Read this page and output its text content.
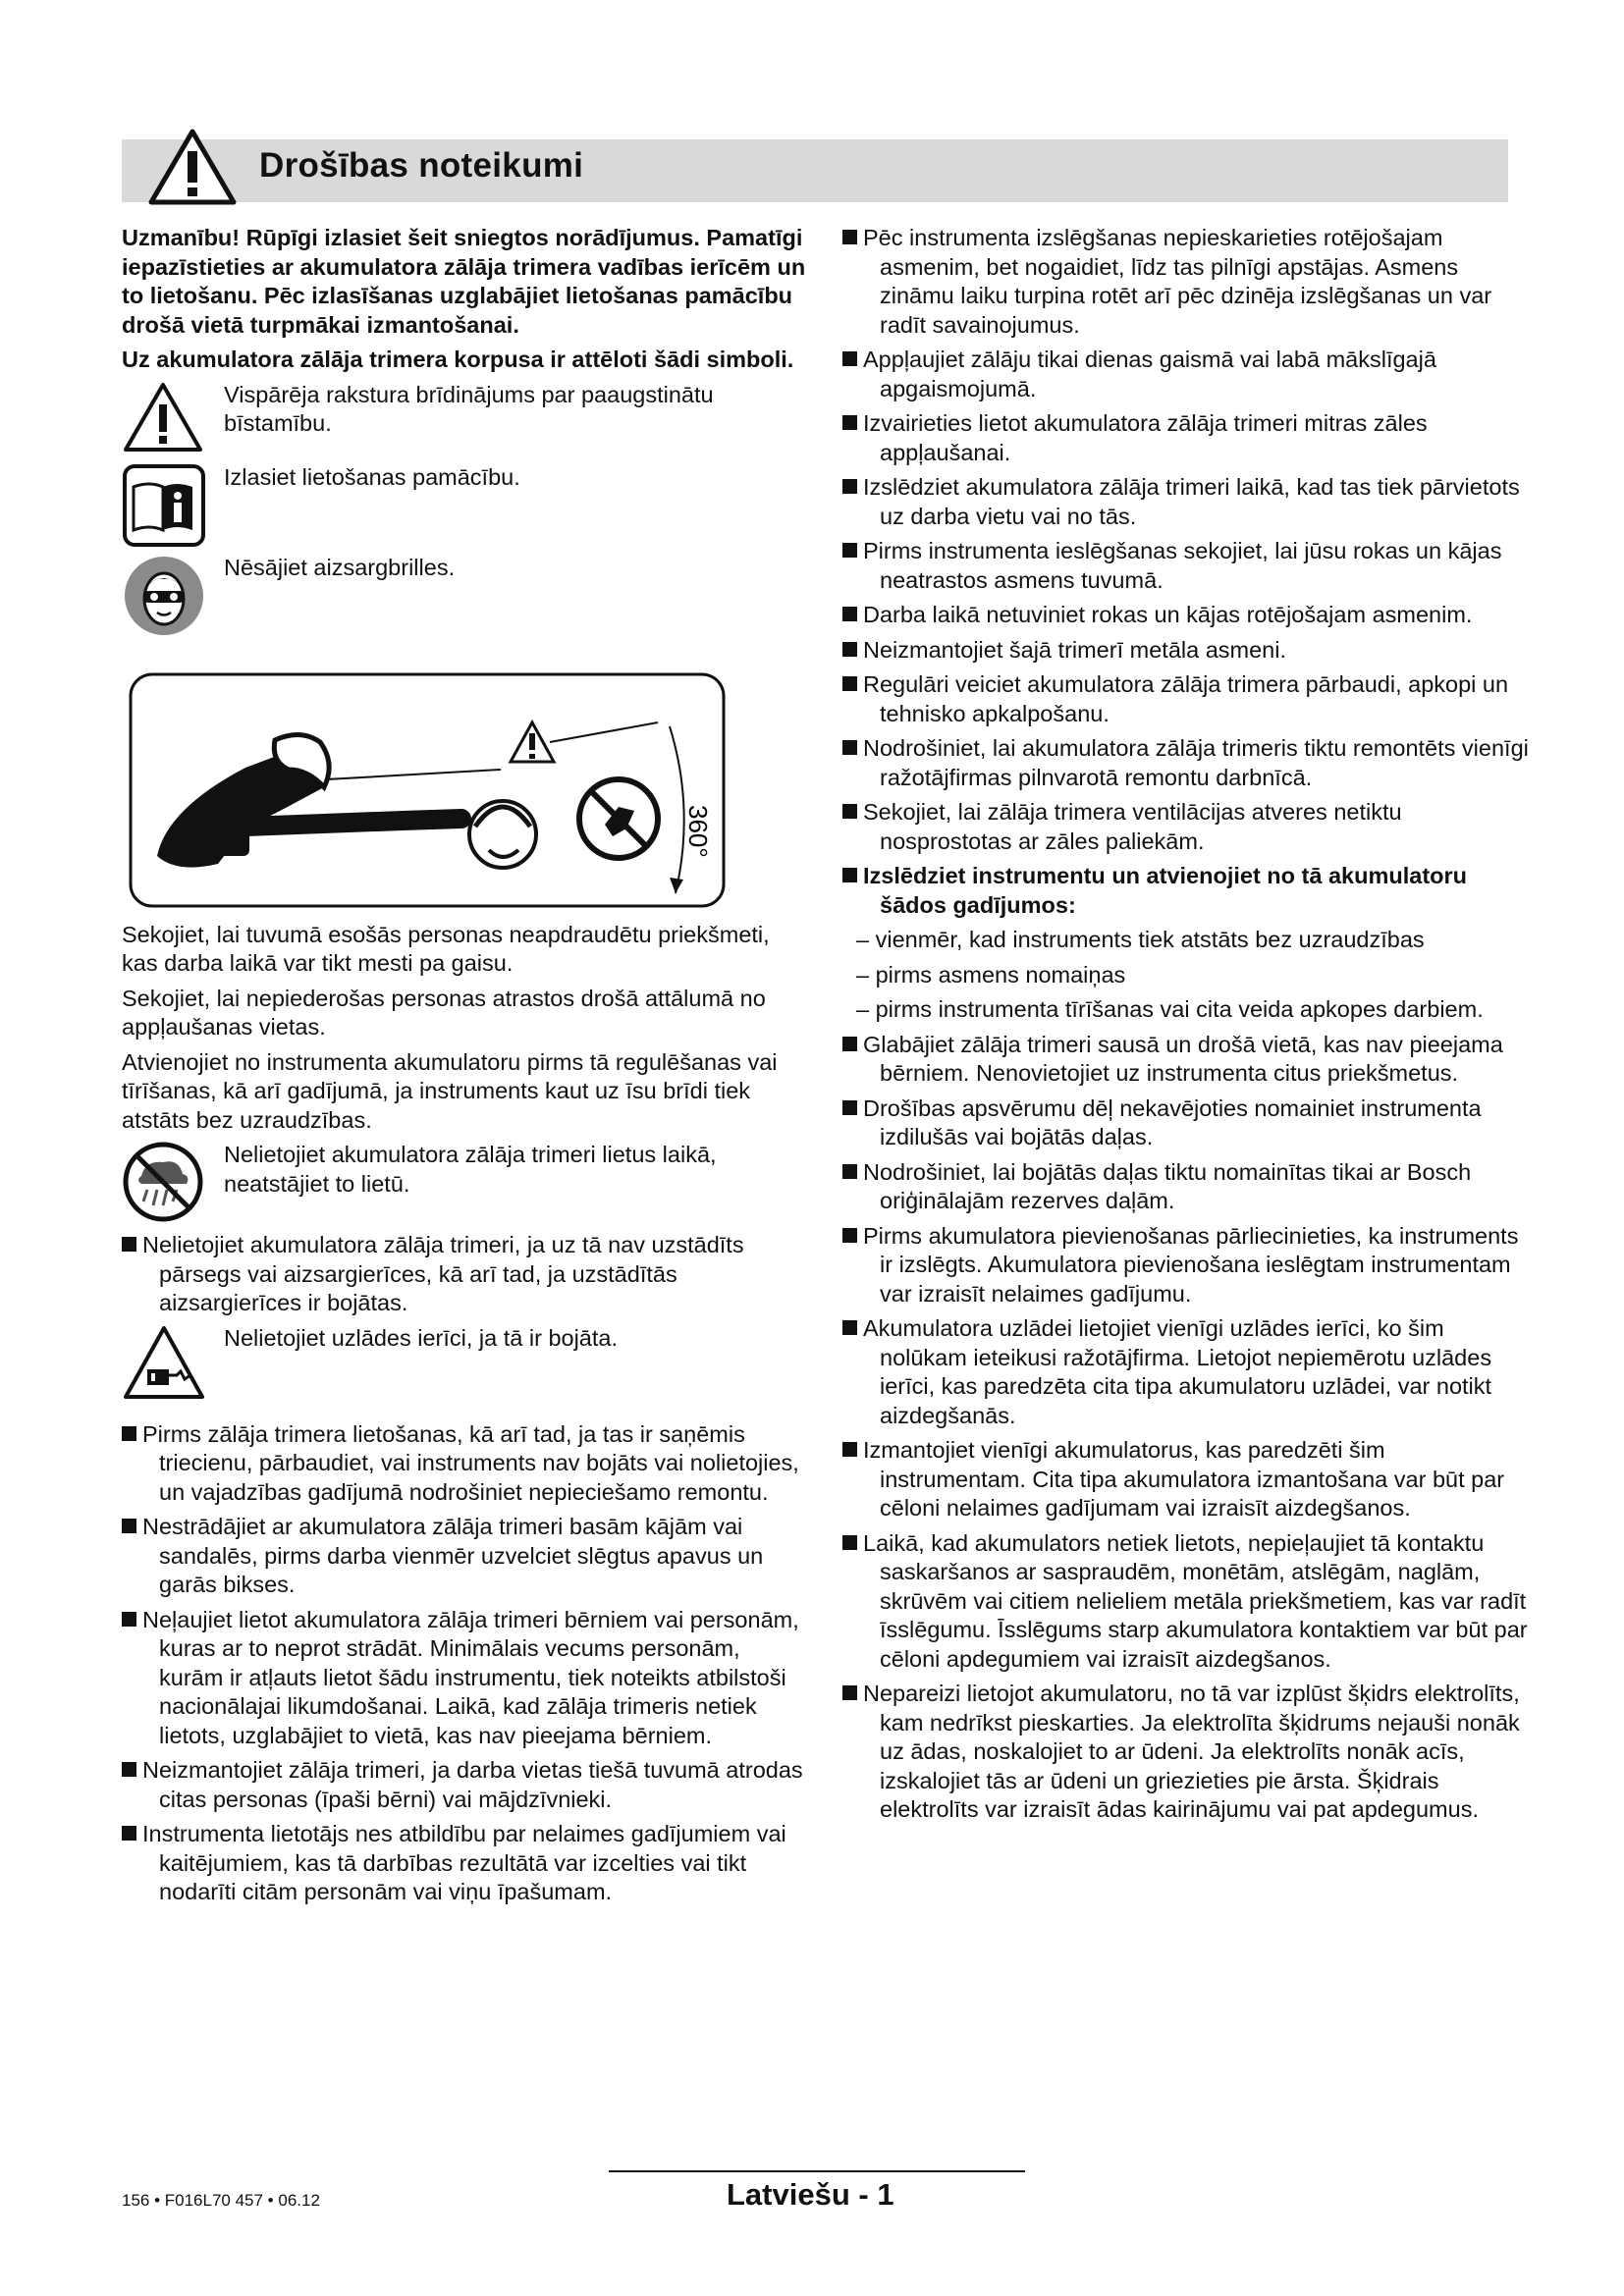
Drošības noteikumi

Uzmanību! Rūpīgi izlasiet šeit sniegtos norādījumus. Pamatīgi iepazīstieties ar akumulatora zālāja trimera vadības ierīcēm un to lietošanu. Pēc izlasīšanas uzglabājiet lietošanas pamācību drošā vietā turpmākai izmantošanai.

Uz akumulatora zālāja trimera korpusa ir attēloti šādi simboli.

Vispārēja rakstura brīdinājums par paaugstinātu bīstamību.
Izlasiet lietošanas pamācību.
Nēsājiet aizsargbrilles.
360°

Sekojiet, lai tuvumā esošās personas neapdraudētu priekšmeti, kas darba laikā var tikt mesti pa gaisu.

Sekojiet, lai nepiederošas personas atrastos drošā attālumā no appļaušanas vietas.

Atvienojiet no instrumenta akumulatoru pirms tā regulēšanas vai tīrīšanas, kā arī gadījumā, ja instruments kaut uz īsu brīdi tiek atstāts bez uzraudzības.

Nelietojiet akumulatora zālāja trimeri lietus laikā, neatstājiet to lietū.
Nelietojiet akumulatora zālāja trimeri, ja uz tā nav uzstādīts pārsegs vai aizsargierīces, kā arī tad, ja uzstādītās aizsargierīces ir bojātas.
Nelietojiet uzlādes ierīci, ja tā ir bojāta.
Pirms zālāja trimera lietošanas, kā arī tad, ja tas ir saņēmis triecienu, pārbaudiet, vai instruments nav bojāts vai nolietojies, un vajadzības gadījumā nodrošiniet nepieciešamo remontu.
Nestrādājiet ar akumulatora zālāja trimeri basām kājām vai sandalēs, pirms darba vienmēr uzvelciet slēgtus apavus un garās bikses.
Neļaujiet lietot akumulatora zālāja trimeri bērniem vai personām, kuras ar to neprot strādāt. Minimālais vecums personām, kurām ir atļauts lietot šādu instrumentu, tiek noteikts atbilstoši nacionālajai likumdošanai. Laikā, kad zālāja trimeris netiek lietots, uzglabājiet to vietā, kas nav pieejama bērniem.
Neizmantojiet zālāja trimeri, ja darba vietas tiešā tuvumā atrodas citas personas (īpaši bērni) vai mājdzīvnieki.
Instrumenta lietotājs nes atbildību par nelaimes gadījumiem vai kaitējumiem, kas tā darbības rezultātā var izcelties vai tikt nodarīti citām personām vai viņu īpašumam.
Pēc instrumenta izslēgšanas nepieskarieties rotējošajam asmenim, bet nogaidiet, līdz tas pilnīgi apstājas. Asmens zināmu laiku turpina rotēt arī pēc dzinēja izslēgšanas un var radīt savainojumus.
Appļaujiet zālāju tikai dienas gaismā vai labā mākslīgajā apgaismojumā.
Izvairieties lietot akumulatora zālāja trimeri mitras zāles appļaušanai.
Izslēdziet akumulatora zālāja trimeri laikā, kad tas tiek pārvietots uz darba vietu vai no tās.
Pirms instrumenta ieslēgšanas sekojiet, lai jūsu rokas un kājas neatrastos asmens tuvumā.
Darba laikā netuviniet rokas un kājas rotējošajam asmenim.
Neizmantojiet šajā trimerī metāla asmeni.
Regulāri veiciet akumulatora zālāja trimera pārbaudi, apkopi un tehnisko apkalpošanu.
Nodrošiniet, lai akumulatora zālāja trimeris tiktu remontēts vienīgi ražotājfirmas pilnvarotā remontu darbnīcā.
Sekojiet, lai zālāja trimera ventilācijas atveres netiktu nosprostotas ar zāles paliekām.
Izslēdziet instrumentu un atvienojiet no tā akumulatoru šādos gadījumos:
– vienmēr, kad instruments tiek atstāts bez uzraudzības
– pirms asmens nomaiņas
– pirms instrumenta tīrīšanas vai cita veida apkopes darbiem.
Glabājiet zālāja trimeri sausā un drošā vietā, kas nav pieejama bērniem. Nenovietojiet uz instrumenta citus priekšmetus.
Drošības apsvērumu dēļ nekavējoties nomainiet instrumenta izdilušās vai bojātās daļas.
Nodrošiniet, lai bojātās daļas tiktu nomainītas tikai ar Bosch oriģinālajām rezerves daļām.
Pirms akumulatora pievienošanas pārliecinieties, ka instruments ir izslēgts. Akumulatora pievienošana ieslēgtam instrumentam var izraisīt nelaimes gadījumu.
Akumulatora uzlādei lietojiet vienīgi uzlādes ierīci, ko šim nolūkam ieteikusi ražotājfirma. Lietojot nepiemērotu uzlādes ierīci, kas paredzēta cita tipa akumulatoru uzlādei, var notikt aizdegšanās.
Izmantojiet vienīgi akumulatorus, kas paredzēti šim instrumentam. Cita tipa akumulatora izmantošana var būt par cēloni nelaimes gadījumam vai izraisīt aizdegšanos.
Laikā, kad akumulators netiek lietots, nepieļaujiet tā kontaktu saskaršanos ar saspraudēm, monētām, atslēgām, naglām, skrūvēm vai citiem nelieliem metāla priekšmetiem, kas var radīt īsslēgumu. Īsslēgums starp akumulatora kontaktiem var būt par cēloni apdegumiem vai izraisīt aizdegšanos.
Nepareizi lietojot akumulatoru, no tā var izplūst šķidrs elektrolīts, kam nedrīkst pieskarties. Ja elektrolīta šķidrums nejauši nonāk uz ādas, noskalojiet to ar ūdeni. Ja elektrolīts nonāk acīs, izskalojiet tās ar ūdeni un griezieties pie ārsta. Šķidrais elektrolīts var izraisīt ādas kairinājumu vai pat apdegumus.
156 • F016L70 457 • 06.12	Latviešu - 1
